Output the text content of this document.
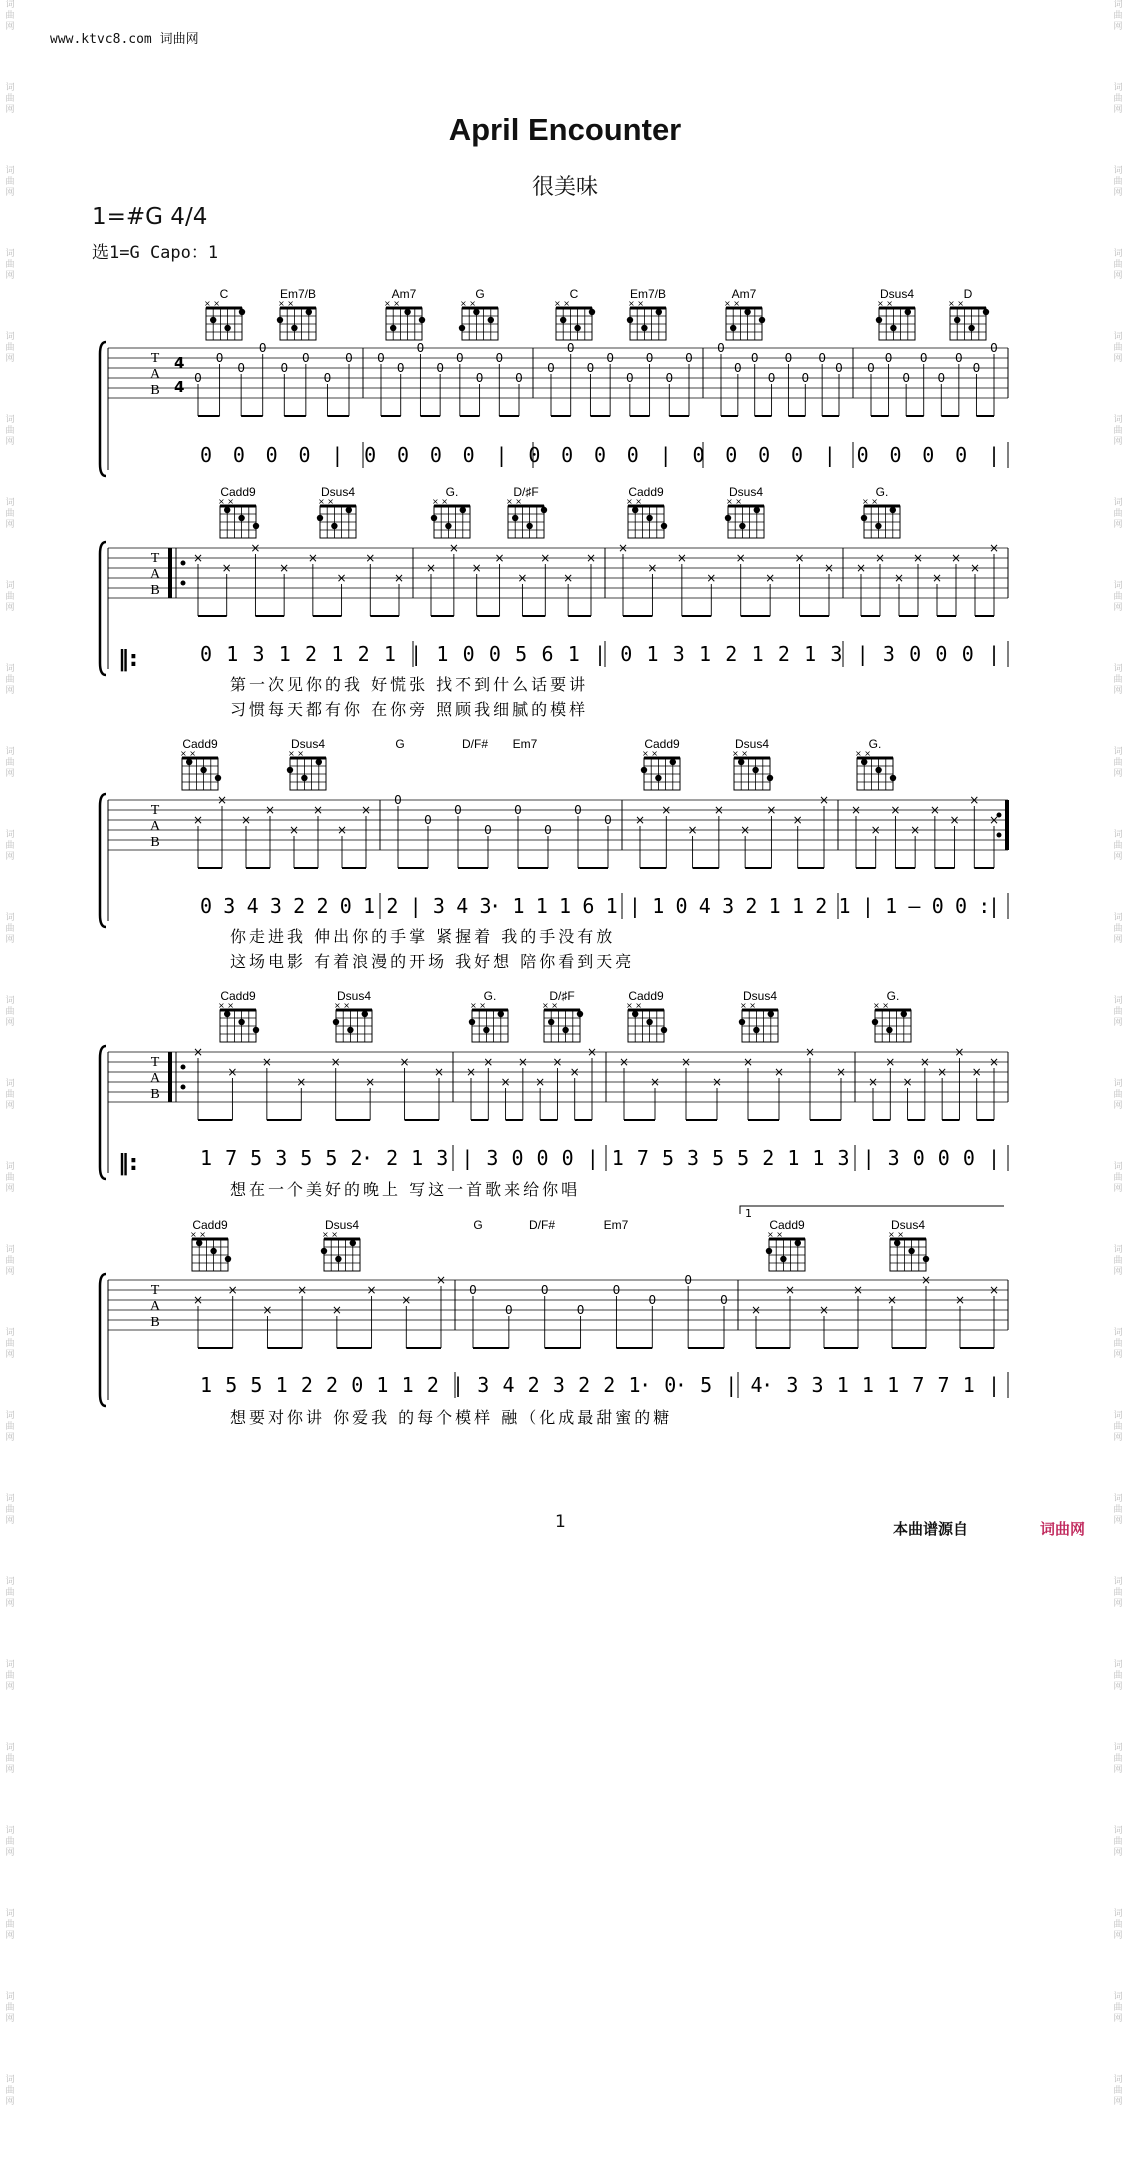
词
曲
网
词
曲
网
词
曲
网
词
曲
网
词
曲
网
词
曲
网
词
曲
网
词
曲
网
词
曲
网
词
曲
网
词
曲
网
词
曲
网
词
曲
网
词
曲
网
词
曲
网
词
曲
网
词
曲
网
词
曲
网
词
曲
网
词
曲
网
词
曲
网
词
曲
网
词
曲
网
词
曲
网
词
曲
网
词
曲
网
词
曲
网
词
曲
网
词
曲
网
词
曲
网
词
曲
网
词
曲
网
词
曲
网
词
曲
网
词
曲
网
词
曲
网
词
曲
网
词
曲
网
词
曲
网
词
曲
网
词
曲
网
词
曲
网
词
曲
网
词
曲
网
词
曲
网
词
曲
网
词
曲
网
词
曲
网
词
曲
网
词
曲
网
词
曲
网
词
曲
网
www.ktvc8.com 词曲网
April Encounter
很美味
1=#G 4/4
选1=G Capo：1
T
A
B
4
4 0
0
0
0
0
0
0
0 0
0
0
0
0
0
0
0
0
0
0
0
0
0
0
0
0
0
0
0
0
0
0
0 0
0
0
0
0
0
0
0
0 0 0 0 | 0 0 0 0 | 0 0 0 0 | 0 0 0 0 | 0 0 0 0 |
C
× ×
Em7/B
× ×
Am7
× ×
G
× ×
C
× ×
Em7/B
× ×
Am7
× ×
Dsus4
× ×
D
× ×
T
A
B
‖:
×
×
×
×
×
×
×
×
×
×
×
×
×
×
×
×
×
×
×
×
×
×
×
× ×
×
×
×
×
×
×
×
0 1 3 1 2 1 2 1 | 1 0 0 5 6 1 | 0 1 3 1 2 1 2 1 3 | 3 0 0 0 |
第一次见你的我 好慌张 找不到什么话要讲
习惯每天都有你 在你旁 照顾我细腻的模样
Cadd9
× ×
Dsus4
× ×
G.
× ×
D/♯F
× ×
Cadd9
× ×
Dsus4
× ×
G.
× ×
T
A
B
×
×
×
×
×
×
×
×
0
0
0
0
0
0
0
0 ×
×
×
×
×
×
×
×
×
×
×
×
×
×
×
×
0 3 4 3 2 2 0 1 2 | 3 4 3· 1 1 1 6 1 | 1 0 4 3 2 1 1 2 1 | 1 — 0 0 :|
你走进我 伸出你的手掌 紧握着 我的手没有放
这场电影 有着浪漫的开场 我好想 陪你看到天亮
Cadd9
× ×
Dsus4
× ×
G	D/F# Em7	Cadd9
× ×
Dsus4
× ×
G.
× ×
T
A
B
‖:
×
×
×
×
×
×
×
× ×
×
×
×
×
×
×
×
×
×
×
×
×
×
×
×
×
×
×
×
×
×
×
×
1 7 5 3 5 5 2· 2 1 3 | 3 0 0 0 | 1 7 5 3 5 5 2 1 1 3 | 3 0 0 0 |
想在一个美好的晚上 写这一首歌来给你唱
Cadd9
× ×
Dsus4
× ×
G.
× ×
D/♯F
× ×
Cadd9
× ×
Dsus4
× ×
G.
× ×
T
A
B
×
×
×
×
×
×
×
×
0
0
0
0
0
0
0
0
×
×
×
×
×
×
×
×
1 5 5 1 2 2 0 1 1 2 | 3 4 2 3 2 2 1· 0· 5 | 4· 3 3 1 1 1 7 7 1 |
想要对你讲 你爱我 的每个模样 融（化成最甜蜜的糖
Cadd9
× ×
Dsus4
× ×
G	D/F#	Em7	Cadd9
× ×
Dsus4
× ×
1
1	本曲谱源自	词曲网
